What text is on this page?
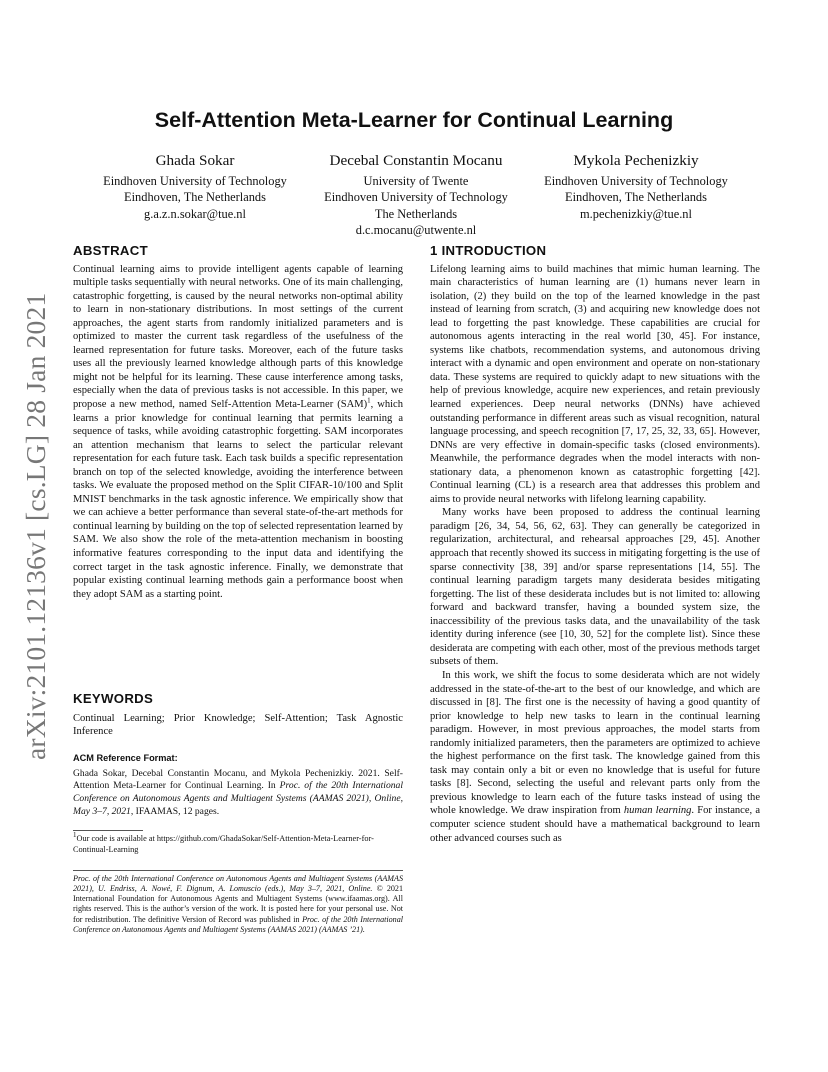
arXiv:2101.12136v1 [cs.LG] 28 Jan 2021
Self-Attention Meta-Learner for Continual Learning
Ghada Sokar
Eindhoven University of Technology
Eindhoven, The Netherlands
g.a.z.n.sokar@tue.nl
Decebal Constantin Mocanu
University of Twente
Eindhoven University of Technology
The Netherlands
d.c.mocanu@utwente.nl
Mykola Pechenizkiy
Eindhoven University of Technology
Eindhoven, The Netherlands
m.pechenizkiy@tue.nl
ABSTRACT

Continual learning aims to provide intelligent agents capable of learning multiple tasks sequentially with neural networks. One of its main challenging, catastrophic forgetting, is caused by the neural networks non-optimal ability to learn in non-stationary distributions. In most settings of the current approaches, the agent starts from randomly initialized parameters and is optimized to master the current task regardless of the usefulness of the learned representation for future tasks. Moreover, each of the future tasks uses all the previously learned knowledge although parts of this knowledge might not be helpful for its learning. These cause interference among tasks, especially when the data of previous tasks is not accessible. In this paper, we propose a new method, named Self-Attention Meta-Learner (SAM)$^1$, which learns a prior knowledge for continual learning that permits learning a sequence of tasks, while avoiding catastrophic forgetting. SAM incorporates an attention mechanism that learns to select the particular relevant representation for each future task. Each task builds a specific representation branch on top of the selected knowledge, avoiding the interference between tasks. We evaluate the proposed method on the Split CIFAR-10/100 and Split MNIST benchmarks in the task agnostic inference. We empirically show that we can achieve a better performance than several state-of-the-art methods for continual learning by building on the top of selected representation learned by SAM. We also show the role of the meta-attention mechanism in boosting informative features corresponding to the input data and identifying the correct target in the task agnostic inference. Finally, we demonstrate that popular existing continual learning methods gain a performance boost when they adopt SAM as a starting point.

KEYWORDS

Continual Learning; Prior Knowledge; Self-Attention; Task Agnostic Inference

ACM Reference Format:

Ghada Sokar, Decebal Constantin Mocanu, and Mykola Pechenizkiy. 2021. Self-Attention Meta-Learner for Continual Learning. In Proc. of the 20th International Conference on Autonomous Agents and Multiagent Systems (AAMAS 2021), Online, May 3–7, 2021, IFAAMAS, 12 pages.

$^1$Our code is available at https://github.com/GhadaSokar/Self-Attention-Meta-Learner-for-Continual-Learning

Proc. of the 20th International Conference on Autonomous Agents and Multiagent Systems (AAMAS 2021), U. Endriss, A. Nowé, F. Dignum, A. Lomuscio (eds.), May 3–7, 2021, Online. © 2021 International Foundation for Autonomous Agents and Multiagent Systems (www.ifaamas.org). All rights reserved. This is the author’s version of the work. It is posted here for your personal use. Not for redistribution. The definitive Version of Record was published in Proc. of the 20th International Conference on Autonomous Agents and Multiagent Systems (AAMAS 2021) (AAMAS ’21).

1 INTRODUCTION

Lifelong learning aims to build machines that mimic human learning. The main characteristics of human learning are (1) humans never learn in isolation, (2) they build on the top of the learned knowledge in the past instead of learning from scratch, (3) and acquiring new knowledge does not lead to forgetting the past knowledge. These capabilities are crucial for autonomous agents interacting in the real world [30, 45]. For instance, systems like chatbots, recommendation systems, and autonomous driving interact with a dynamic and open environment and operate on non-stationary data. These systems are required to quickly adapt to new situations with the help of previous knowledge, acquire new experiences, and retain previously learned experiences. Deep neural networks (DNNs) have achieved outstanding performance in different areas such as visual recognition, natural language processing, and speech recognition [7, 17, 25, 32, 33, 65]. However, DNNs are very effective in domain-specific tasks (closed environments). Meanwhile, the performance degrades when the model interacts with non-stationary data, a phenomenon known as catastrophic forgetting [42]. Continual learning (CL) is a research area that addresses this problem and aims to provide neural networks with lifelong learning capability.

Many works have been proposed to address the continual learning paradigm [26, 34, 54, 56, 62, 63]. They can generally be categorized in regularization, architectural, and rehearsal approaches [29, 45]. Another approach that recently showed its success in mitigating forgetting is the use of sparse connectivity [38, 39] and/or sparse representations [14, 55]. The continual learning paradigm targets many desiderata besides mitigating forgetting. The list of these desiderata includes but is not limited to: allowing forward and backward transfer, having a bounded system size, the inaccessibility of the previous tasks data, and the unavailability of the task identity during inference (see [10, 30, 52] for the complete list). Since these desiderata are competing with each other, most of the previous methods target subsets of them.

In this work, we shift the focus to some desiderata which are not widely addressed in the state-of-the-art to the best of our knowledge, and which are discussed in [8]. The first one is the necessity of having a good quantity of prior knowledge to help new tasks to learn in the continual learning paradigm. However, in most previous approaches, the model starts from randomly initialized parameters, then the parameters are optimized to achieve the highest performance on the first task. The knowledge gained from this task may contain only a bit or even no knowledge that is useful for future tasks [8]. Second, selecting the useful and relevant parts only from the previous knowledge to learn each of the future tasks instead of using the whole knowledge. We draw inspiration from human learning. For instance, a computer science student should have a mathematical background to learn other advanced courses such as
